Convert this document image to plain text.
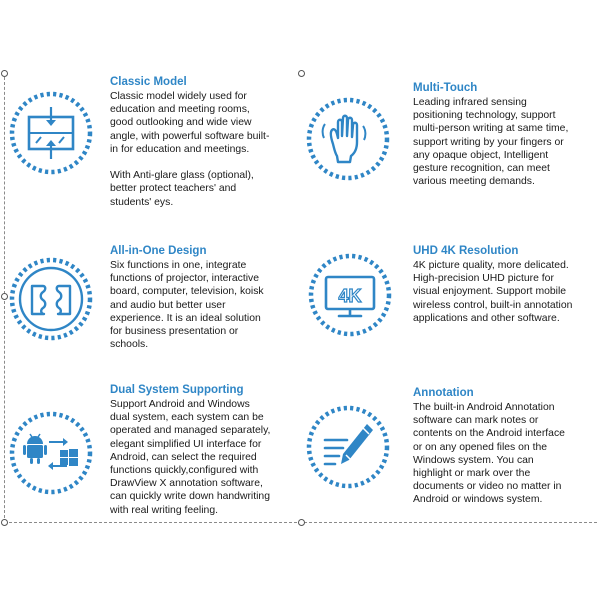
Classic Model

Classic model widely used for
education and meeting rooms,
good outlooking and wide view
angle, with powerful software built-
in for education and meetings.

With Anti-glare glass (optional),
better protect teachers' and
students' eys.

Multi-Touch

Leading infrared sensing
positioning technology, support
multi-person writing at same time,
support writing by your fingers or
any opaque object, Intelligent
gesture recognition, can meet
various meeting demands.

All-in-One Design

Six functions in one, integrate
functions of projector, interactive
board, computer, television, koisk
and audio but better user
experience. It is an ideal solution
for business presentation or
schools.

4K
UHD 4K Resolution

4K picture quality, more delicated.
High-precision UHD picture for
visual enjoyment. Support mobile
wireless control, built-in annotation
applications and other software.

Dual System Supporting

Support Android and Windows
dual system, each system can be
operated and managed separately,
elegant simplified UI interface for
Android, can select the required
functions quickly,configured with
DrawView X annotation software,
can quickly write down handwriting
with real writing feeling.

Annotation

The built-in Android Annotation
software can mark notes or
contents on the Android interface
or on any opened files on the
Windows system. You can
highlight or mark over the
documents or video no matter in
Android or windows system.
